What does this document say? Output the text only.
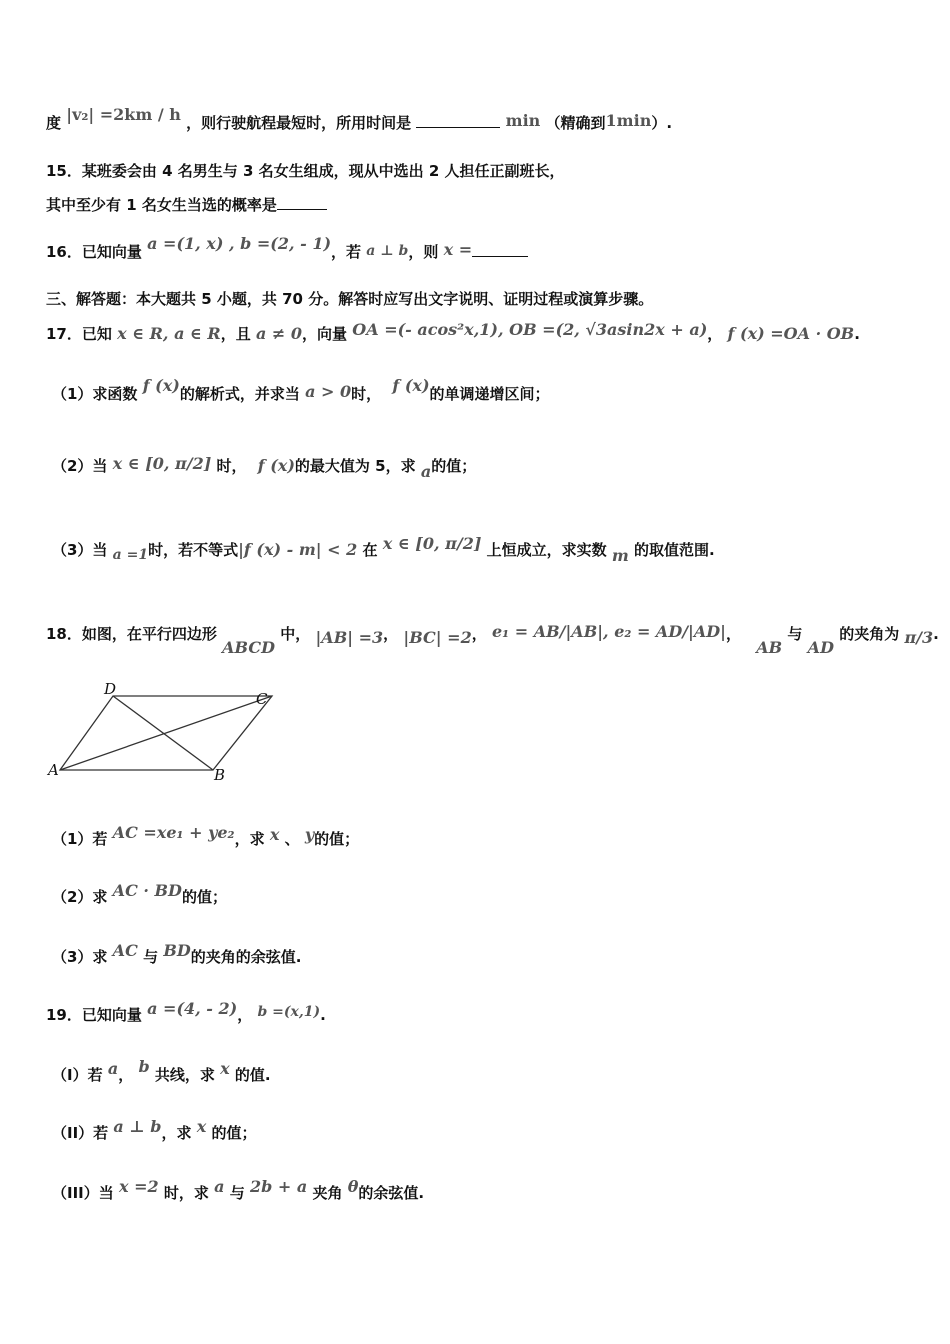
度 |v₂| =2km / h ，则行驶航程最短时，所用时间是	min （精确到1min）.
15．某班委会由 4 名男生与 3 名女生组成，现从中选出 2 人担任正副班长，
其中至少有 1 名女生当选的概率是
16．已知向量 a =(1, x) , b =(2, - 1)，若 a ⊥ b，则 x =
三、解答题：本大题共 5 小题，共 70 分。解答时应写出文字说明、证明过程或演算步骤。
17．已知 x ∈ R, a ∈ R，且 a ≠ 0，向量 OA =(- acos²x,1), OB =(2, √3asin2x + a)， f (x) =OA · OB.
（1）求函数 f (x)的解析式，并求当 a > 0时， f (x)的单调递增区间；
（2）当 x ∈ [0, π/2] 时， f (x)的最大值为 5，求 a的值；
（3）当 a =1时，若不等式|f (x) - m| < 2 在 x ∈ [0, π/2] 上恒成立，求实数 m 的取值范围.
18．如图，在平行四边形 ABCD 中， |AB| =3， |BC| =2， e₁ = AB/|AB|, e₂ = AD/|AD|， AB 与 AD 的夹角为 π/3.
A	B
C
D
（1）若 AC =xe₁ + ye₂，求 x 、 y的值；
（2）求 AC · BD的值；
（3）求 AC 与 BD的夹角的余弦值.
19．已知向量 a =(4, - 2)， b =(x,1).
（I）若 a， b 共线，求 x 的值.
（II）若 a ⊥ b，求 x 的值；
（III）当 x =2 时，求 a 与 2b + a 夹角 θ的余弦值.
